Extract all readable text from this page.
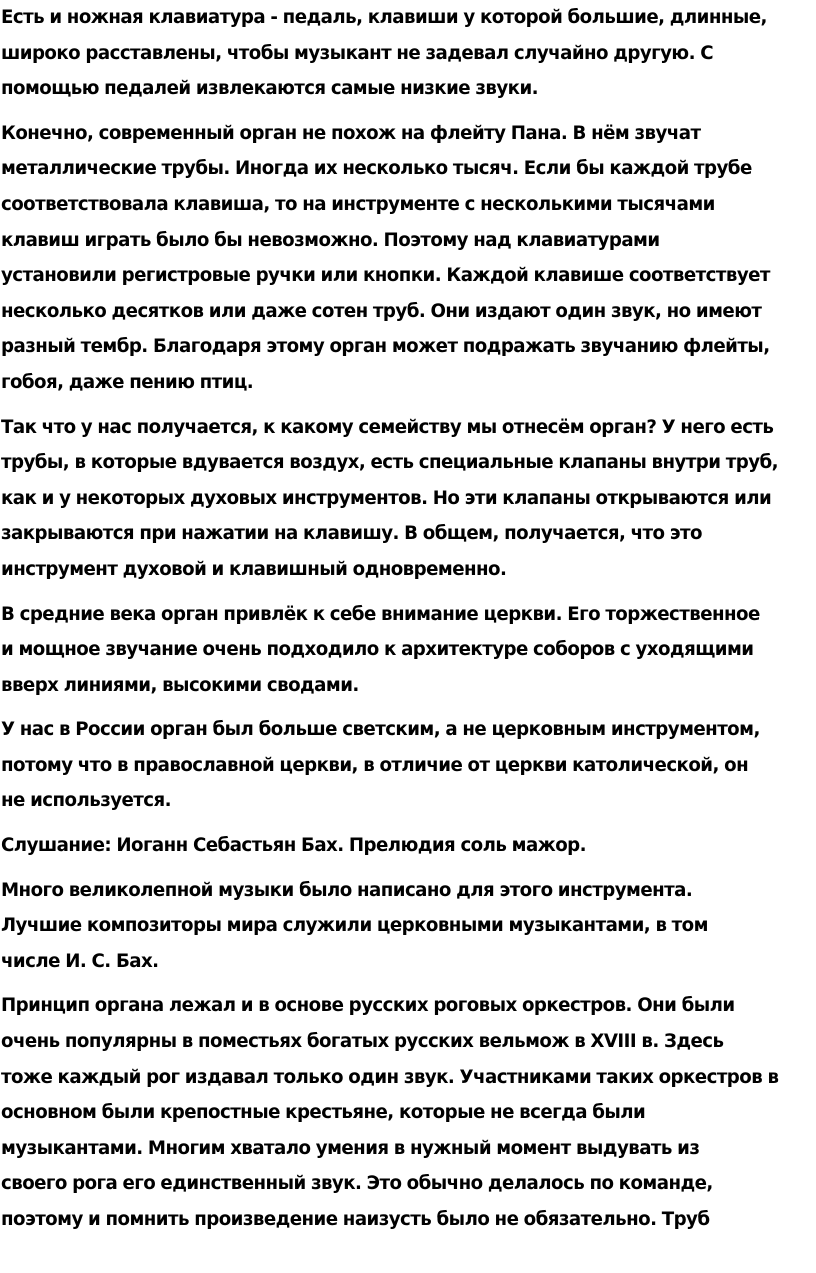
Есть и ножная клавиатура - педаль, клавиши у которой большие, длинные,
широко расставлены, чтобы музыкант не задевал случайно другую. С
помощью педалей извлекаются самые низкие звуки.
Конечно, современный орган не похож на флейту Пана. В нём звучат
металлические трубы. Иногда их несколько тысяч. Если бы каждой трубе
соответствовала клавиша, то на инструменте с несколькими тысячами
клавиш играть было бы невозможно. Поэтому над клавиатурами
установили регистровые ручки или кнопки. Каждой клавише соответствует
несколько десятков или даже сотен труб. Они издают один звук, но имеют
разный тембр. Благодаря этому орган может подражать звучанию флейты,
гобоя, даже пению птиц.
Так что у нас получается, к какому семейству мы отнесём орган? У него есть
трубы, в которые вдувается воздух, есть специальные клапаны внутри труб,
как и у некоторых духовых инструментов. Но эти клапаны открываются или
закрываются при нажатии на клавишу. В общем, получается, что это
инструмент духовой и клавишный одновременно.
В средние века орган привлёк к себе внимание церкви. Его торжественное
и мощное звучание очень подходило к архитектуре соборов с уходящими
вверх линиями, высокими сводами.
У нас в России орган был больше светским, а не церковным инструментом,
потому что в православной церкви, в отличие от церкви католической, он
не используется.
Слушание: Иоганн Себастьян Бах. Прелюдия соль мажор.
Много великолепной музыки было написано для этого инструмента.
Лучшие композиторы мира служили церковными музыкантами, в том
числе И. С. Бах.
Принцип органа лежал и в основе русских роговых оркестров. Они были
очень популярны в поместьях богатых русских вельмож в XVIII в. Здесь
тоже каждый рог издавал только один звук. Участниками таких оркестров в
основном были крепостные крестьяне, которые не всегда были
музыкантами. Многим хватало умения в нужный момент выдувать из
своего рога его единственный звук. Это обычно делалось по команде,
поэтому и помнить произведение наизусть было не обязательно. Труб
